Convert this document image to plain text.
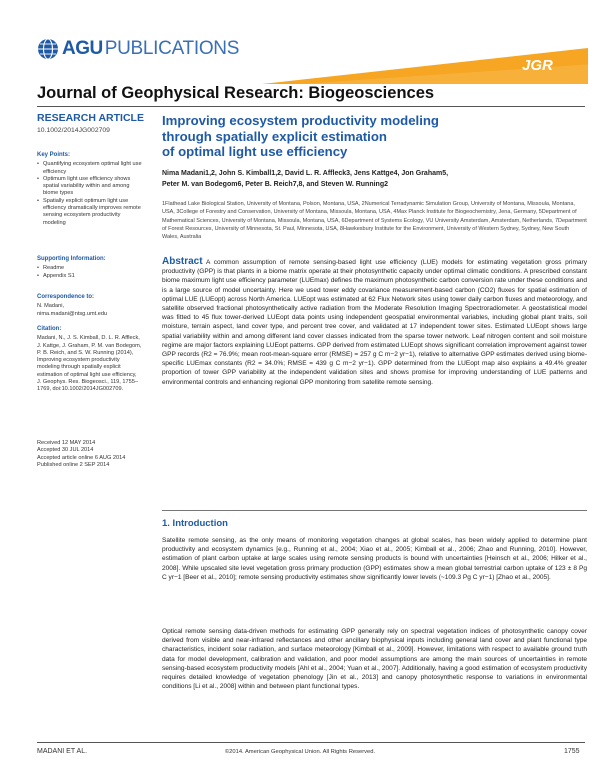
AGU PUBLICATIONS
JGR
Journal of Geophysical Research: Biogeosciences
RESEARCH ARTICLE
10.1002/2014JG002709
Key Points:
• Quantifying ecosystem optimal light use efficiency
• Optimum light use efficiency shows spatial variability within and among biome types
• Spatially explicit optimum light use efficiency dramatically improves remote sensing ecosystem productivity modeling
Supporting Information:
• Readme
• Appendix S1
Correspondence to:
N. Madani,
nima.madani@ntsg.umt.edu
Citation:
Madani, N., J. S. Kimball, D. L. R. Affleck, J. Kattge, J. Graham, P. M. van Bodegom, P. B. Reich, and S. W. Running (2014), Improving ecosystem productivity modeling through spatially explicit estimation of optimal light use efficiency, J. Geophys. Res. Biogeosci., 119, 1755–1769, doi:10.1002/2014JG002709.
Received 12 MAY 2014
Accepted 30 JUL 2014
Accepted article online 6 AUG 2014
Published online 2 SEP 2014
Improving ecosystem productivity modeling
through spatially explicit estimation
of optimal light use efficiency
Nima Madani1,2, John S. Kimball1,2, David L. R. Affleck3, Jens Kattge4, Jon Graham5,
Peter M. van Bodegom6, Peter B. Reich7,8, and Steven W. Running2
1Flathead Lake Biological Station, University of Montana, Polson, Montana, USA, 2Numerical Terradynamic Simulation Group, University of Montana, Missoula, Montana, USA, 3College of Forestry and Conservation, University of Montana, Missoula, Montana, USA, 4Max Planck Institute for Biogeochemistry, Jena, Germany, 5Department of Mathematical Sciences, University of Montana, Missoula, Montana, USA, 6Department of Systems Ecology, VU University Amsterdam, Amsterdam, Netherlands, 7Department of Forest Resources, University of Minnesota, St. Paul, Minnesota, USA, 8Hawkesbury Institute for the Environment, University of Western Sydney, Sydney, New South Wales, Australia
Abstract A common assumption of remote sensing-based light use efficiency (LUE) models for estimating vegetation gross primary productivity (GPP) is that plants in a biome matrix operate at their photosynthetic capacity under optimal climatic conditions. A prescribed constant biome maximum light use efficiency parameter (LUEmax) defines the maximum photosynthetic carbon conversion rate under these conditions and is a large source of model uncertainty. Here we used tower eddy covariance measurement-based carbon (CO2) fluxes for spatial estimation of optimal LUE (LUEopt) across North America. LUEopt was estimated at 62 Flux Network sites using tower daily carbon fluxes and meteorology, and satellite observed fractional photosynthetically active radiation from the Moderate Resolution Imaging Spectroradiometer. A geostatistical model was fitted to 45 flux tower-derived LUEopt data points using independent geospatial environmental variables, including global plant traits, soil moisture, terrain aspect, land cover type, and percent tree cover, and validated at 17 independent tower sites. Estimated LUEopt shows large spatial variability within and among different land cover classes indicated from the sparse tower network. Leaf nitrogen content and soil moisture regime are major factors explaining LUEopt patterns. GPP derived from estimated LUEopt shows significant correlation improvement against tower GPP records (R2 = 76.9%; mean root-mean-square error (RMSE) = 257 g C m−2 yr−1), relative to alternative GPP estimates derived using biome-specific LUEmax constants (R2 = 34.0%; RMSE = 439 g C m−2 yr−1). GPP determined from the LUEopt map also explains a 49.4% greater proportion of tower GPP variability at the independent validation sites and shows promise for improving understanding of LUE patterns and environmental controls and enhancing regional GPP monitoring from satellite remote sensing.
1. Introduction
Satellite remote sensing, as the only means of monitoring vegetation changes at global scales, has been widely applied to determine plant productivity and ecosystem dynamics [e.g., Running et al., 2004; Xiao et al., 2005; Kimball et al., 2006; Zhao and Running, 2010]. However, estimation of plant carbon uptake at large scales using remote sensing products is bound with uncertainties [Heinsch et al., 2006; Hilker et al., 2008]. While upscaled site level vegetation gross primary production (GPP) estimates show a mean global terrestrial carbon uptake of 123 ± 8 Pg C yr−1 [Beer et al., 2010]; remote sensing productivity estimates show significantly lower levels (~109.3 Pg C yr−1) [Zhao et al., 2005].
Optical remote sensing data-driven methods for estimating GPP generally rely on spectral vegetation indices of photosynthetic canopy cover derived from visible and near-infrared reflectances and other ancillary biophysical inputs including general land cover and plant functional type characteristics, incident solar radiation, and surface meteorology [Kimball et al., 2009]. However, limitations with respect to available ground truth data for model development, calibration and validation, and poor model assumptions are among the main sources of uncertainties in remote sensing-based ecosystem productivity models [Ahl et al., 2004; Yuan et al., 2007]. Additionally, having a good estimation of ecosystem productivity requires detailed knowledge of vegetation phenology [Jin et al., 2013] and canopy photosynthetic response to variations in environmental conditions [Li et al., 2008] within and between plant functional types.
MADANI ET AL.	©2014. American Geophysical Union. All Rights Reserved.	1755
